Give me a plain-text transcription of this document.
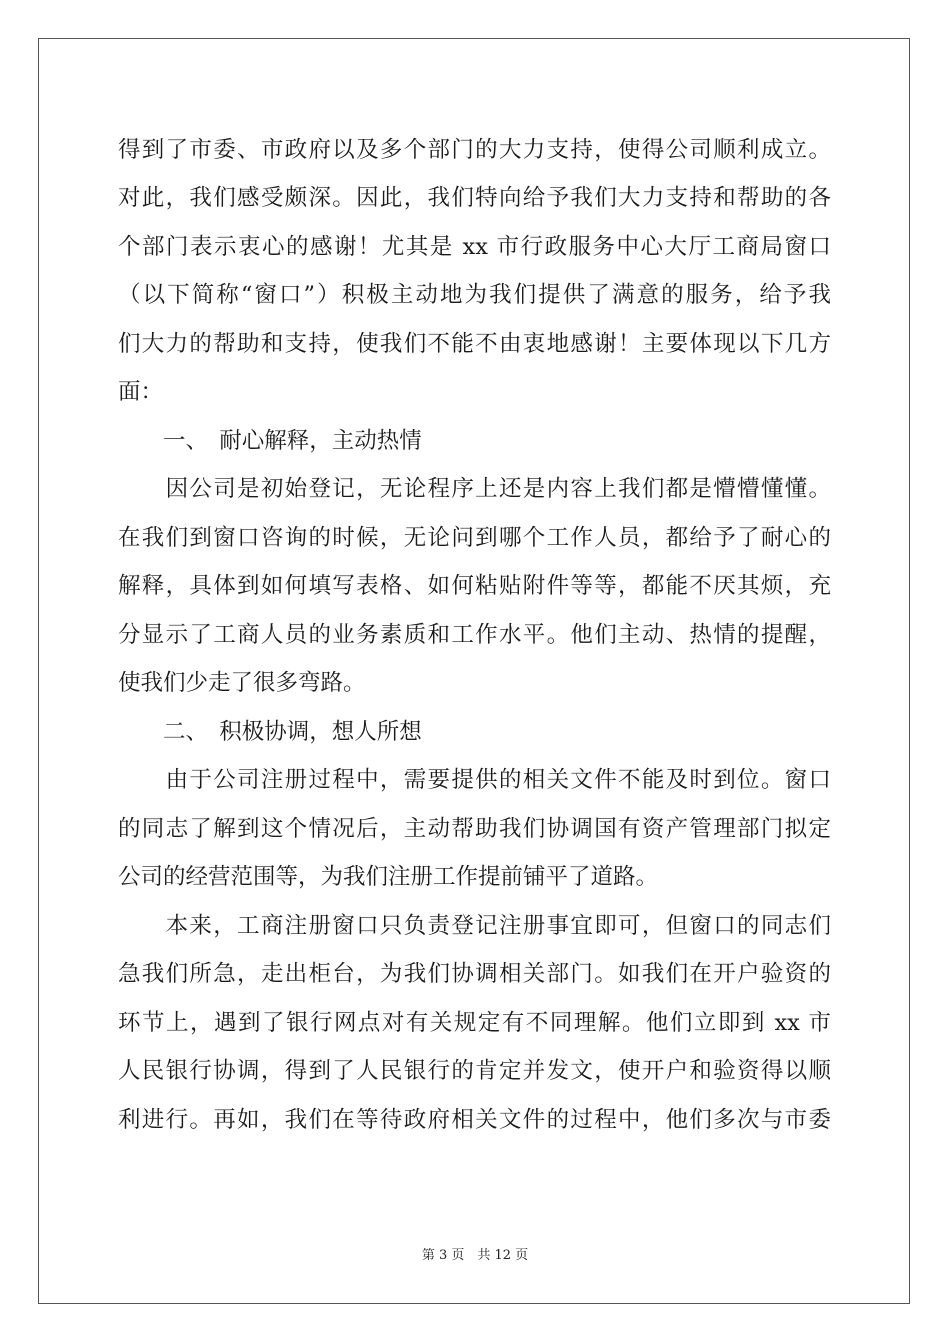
得到了市委、市政府以及多个部门的大力支持，使得公司顺利成立。
对此，我们感受颇深。因此，我们特向给予我们大力支持和帮助的各
个部门表示衷心的感谢！尤其是 xx 市行政服务中心大厅工商局窗口
（以下简称“窗口”）积极主动地为我们提供了满意的服务，给予我
们大力的帮助和支持，使我们不能不由衷地感谢！主要体现以下几方
面：
　　一、　耐心解释，主动热情
　　因公司是初始登记，无论程序上还是内容上我们都是懵懵懂懂。
在我们到窗口咨询的时候，无论问到哪个工作人员，都给予了耐心的
解释，具体到如何填写表格、如何粘贴附件等等，都能不厌其烦，充
分显示了工商人员的业务素质和工作水平。他们主动、热情的提醒，
使我们少走了很多弯路。
　　二、　积极协调，想人所想
　　由于公司注册过程中，需要提供的相关文件不能及时到位。窗口
的同志了解到这个情况后，主动帮助我们协调国有资产管理部门拟定
公司的经营范围等，为我们注册工作提前铺平了道路。
　　本来，工商注册窗口只负责登记注册事宜即可，但窗口的同志们
急我们所急，走出柜台，为我们协调相关部门。如我们在开户验资的
环节上，遇到了银行网点对有关规定有不同理解。他们立即到 xx 市
人民银行协调，得到了人民银行的肯定并发文，使开户和验资得以顺
利进行。再如，我们在等待政府相关文件的过程中，他们多次与市委
第 3 页　共 12 页
